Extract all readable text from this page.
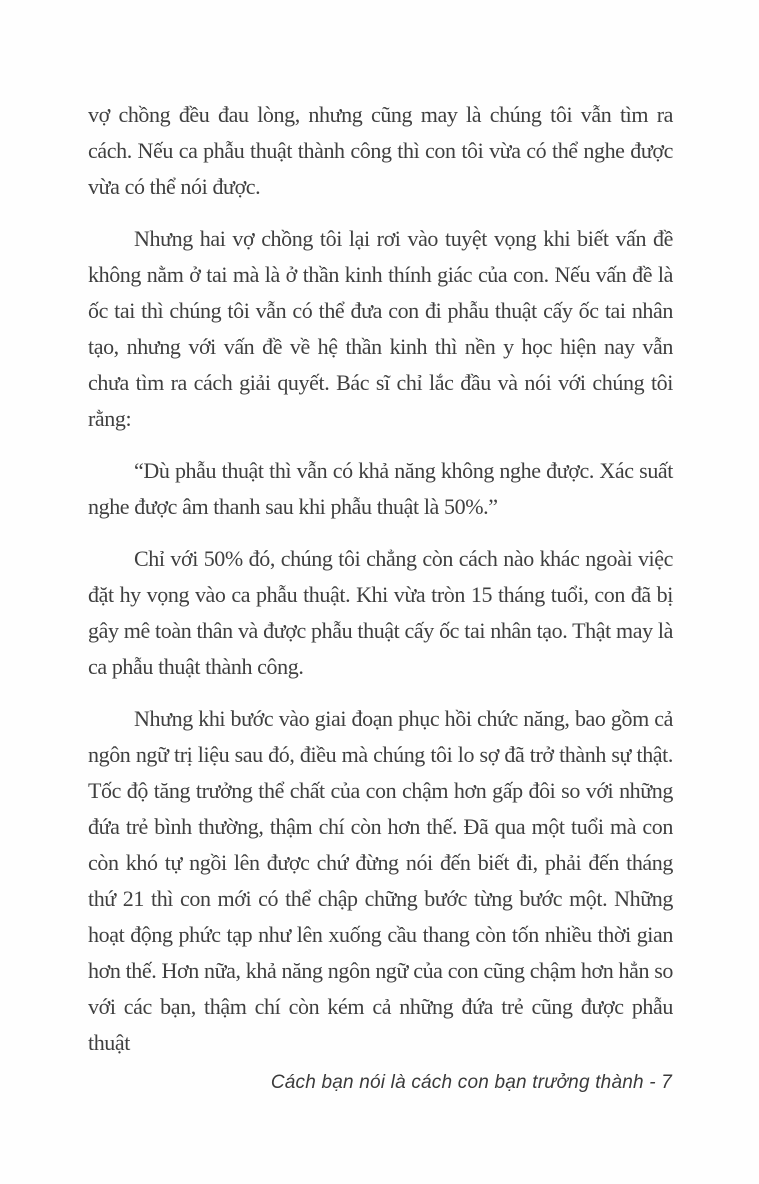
vợ chồng đều đau lòng, nhưng cũng may là chúng tôi vẫn tìm ra cách. Nếu ca phẫu thuật thành công thì con tôi vừa có thể nghe được vừa có thể nói được.

Nhưng hai vợ chồng tôi lại rơi vào tuyệt vọng khi biết vấn đề không nằm ở tai mà là ở thần kinh thính giác của con. Nếu vấn đề là ốc tai thì chúng tôi vẫn có thể đưa con đi phẫu thuật cấy ốc tai nhân tạo, nhưng với vấn đề về hệ thần kinh thì nền y học hiện nay vẫn chưa tìm ra cách giải quyết. Bác sĩ chỉ lắc đầu và nói với chúng tôi rằng:

“Dù phẫu thuật thì vẫn có khả năng không nghe được. Xác suất nghe được âm thanh sau khi phẫu thuật là 50%.”

Chỉ với 50% đó, chúng tôi chẳng còn cách nào khác ngoài việc đặt hy vọng vào ca phẫu thuật. Khi vừa tròn 15 tháng tuổi, con đã bị gây mê toàn thân và được phẫu thuật cấy ốc tai nhân tạo. Thật may là ca phẫu thuật thành công.

Nhưng khi bước vào giai đoạn phục hồi chức năng, bao gồm cả ngôn ngữ trị liệu sau đó, điều mà chúng tôi lo sợ đã trở thành sự thật. Tốc độ tăng trưởng thể chất của con chậm hơn gấp đôi so với những đứa trẻ bình thường, thậm chí còn hơn thế. Đã qua một tuổi mà con còn khó tự ngồi lên được chứ đừng nói đến biết đi, phải đến tháng thứ 21 thì con mới có thể chập chững bước từng bước một. Những hoạt động phức tạp như lên xuống cầu thang còn tốn nhiều thời gian hơn thế. Hơn nữa, khả năng ngôn ngữ của con cũng chậm hơn hẳn so với các bạn, thậm chí còn kém cả những đứa trẻ cũng được phẫu thuật

Cách bạn nói là cách con bạn trưởng thành - 7
